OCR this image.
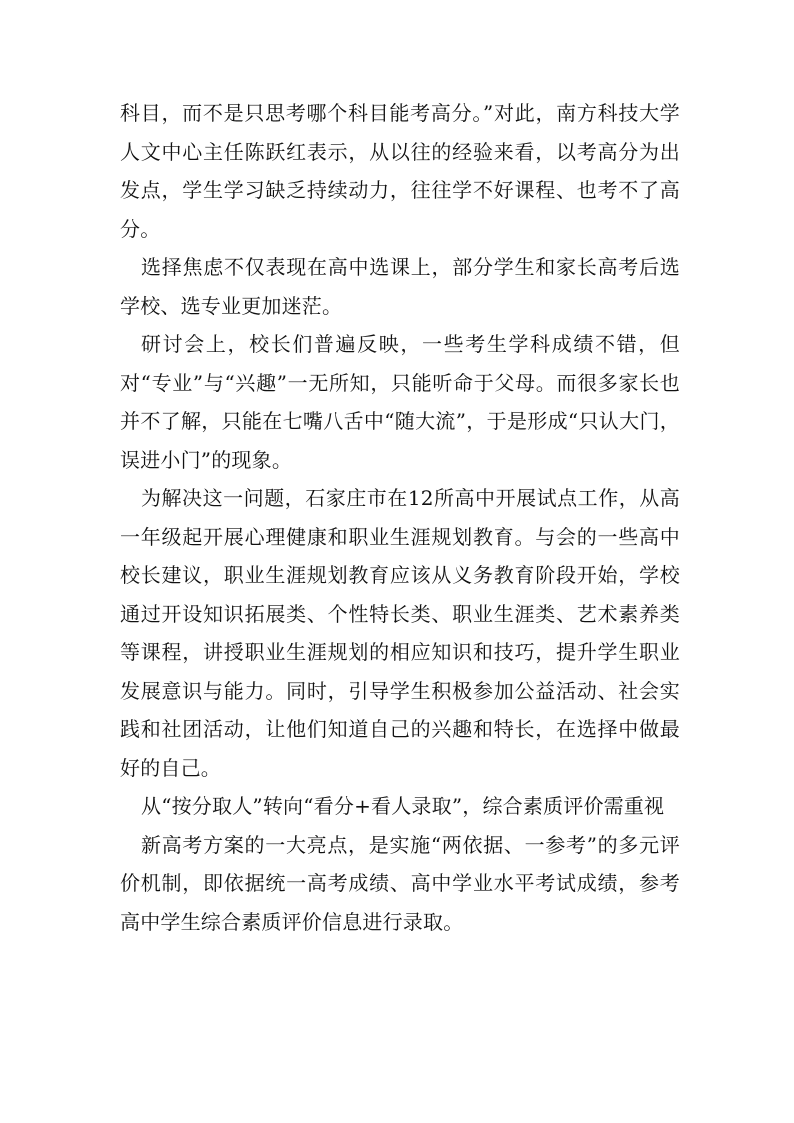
科目，而不是只思考哪个科目能考高分。”对此，南方科技大学人文中心主任陈跃红表示，从以往的经验来看，以考高分为出发点，学生学习缺乏持续动力，往往学不好课程、也考不了高分。

选择焦虑不仅表现在高中选课上，部分学生和家长高考后选学校、选专业更加迷茫。

研讨会上，校长们普遍反映，一些考生学科成绩不错，但对“专业”与“兴趣”一无所知，只能听命于父母。而很多家长也并不了解，只能在七嘴八舌中“随大流”，于是形成“只认大门，误进小门”的现象。

为解决这一问题，石家庄市在12所高中开展试点工作，从高一年级起开展心理健康和职业生涯规划教育。与会的一些高中校长建议，职业生涯规划教育应该从义务教育阶段开始，学校通过开设知识拓展类、个性特长类、职业生涯类、艺术素养类等课程，讲授职业生涯规划的相应知识和技巧，提升学生职业发展意识与能力。同时，引导学生积极参加公益活动、社会实践和社团活动，让他们知道自己的兴趣和特长，在选择中做最好的自己。

从“按分取人”转向“看分+看人录取”，综合素质评价需重视

新高考方案的一大亮点，是实施“两依据、一参考”的多元评价机制，即依据统一高考成绩、高中学业水平考试成绩，参考高中学生综合素质评价信息进行录取。
